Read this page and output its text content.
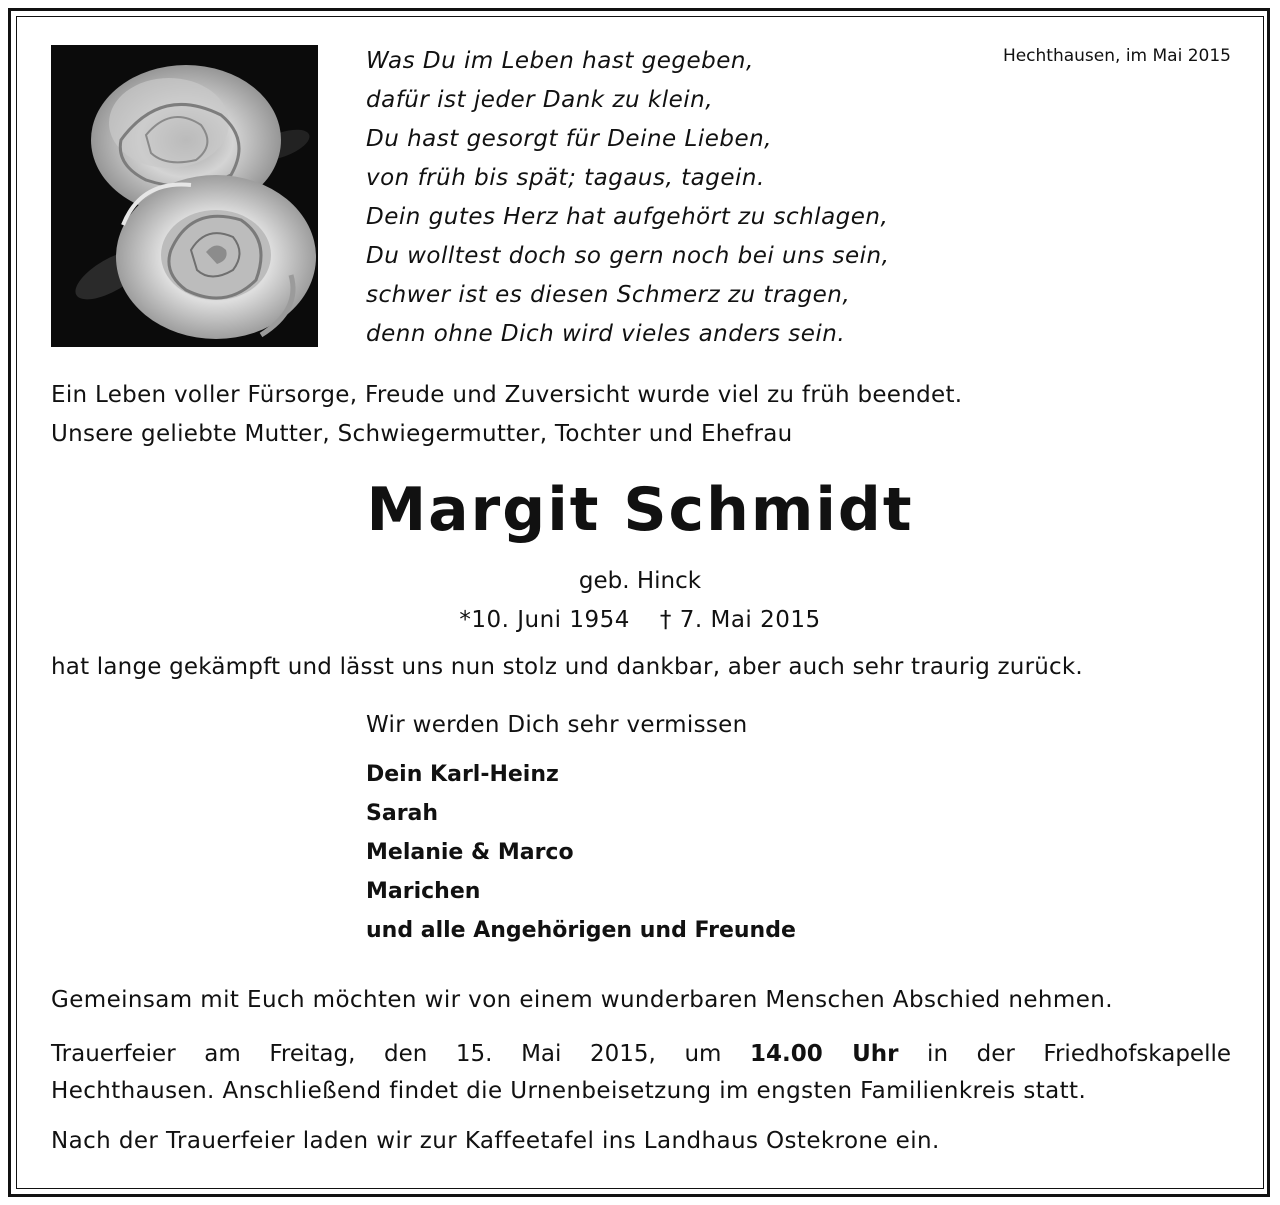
Was Du im Leben hast gegeben,
dafür ist jeder Dank zu klein,
Du hast gesorgt für Deine Lieben,
von früh bis spät; tagaus, tagein.
Dein gutes Herz hat aufgehört zu schlagen,
Du wolltest doch so gern noch bei uns sein,
schwer ist es diesen Schmerz zu tragen,
denn ohne Dich wird vieles anders sein.
Hechthausen, im Mai 2015
Ein Leben voller Fürsorge, Freude und Zuversicht wurde viel zu früh beendet.
Unsere geliebte Mutter, Schwiegermutter, Tochter und Ehefrau
Margit Schmidt
geb. Hinck
*10. Juni 1954 † 7. Mai 2015
hat lange gekämpft und lässt uns nun stolz und dankbar, aber auch sehr traurig zurück.
Wir werden Dich sehr vermissen
Dein Karl-Heinz
Sarah
Melanie & Marco
Marichen
und alle Angehörigen und Freunde
Gemeinsam mit Euch möchten wir von einem wunderbaren Menschen Abschied nehmen.
Trauerfeier am Freitag, den 15. Mai 2015, um 14.00 Uhr in der Friedhofskapelle
Hechthausen. Anschließend findet die Urnenbeisetzung im engsten Familienkreis statt.
Nach der Trauerfeier laden wir zur Kaffeetafel ins Landhaus Ostekrone ein.
